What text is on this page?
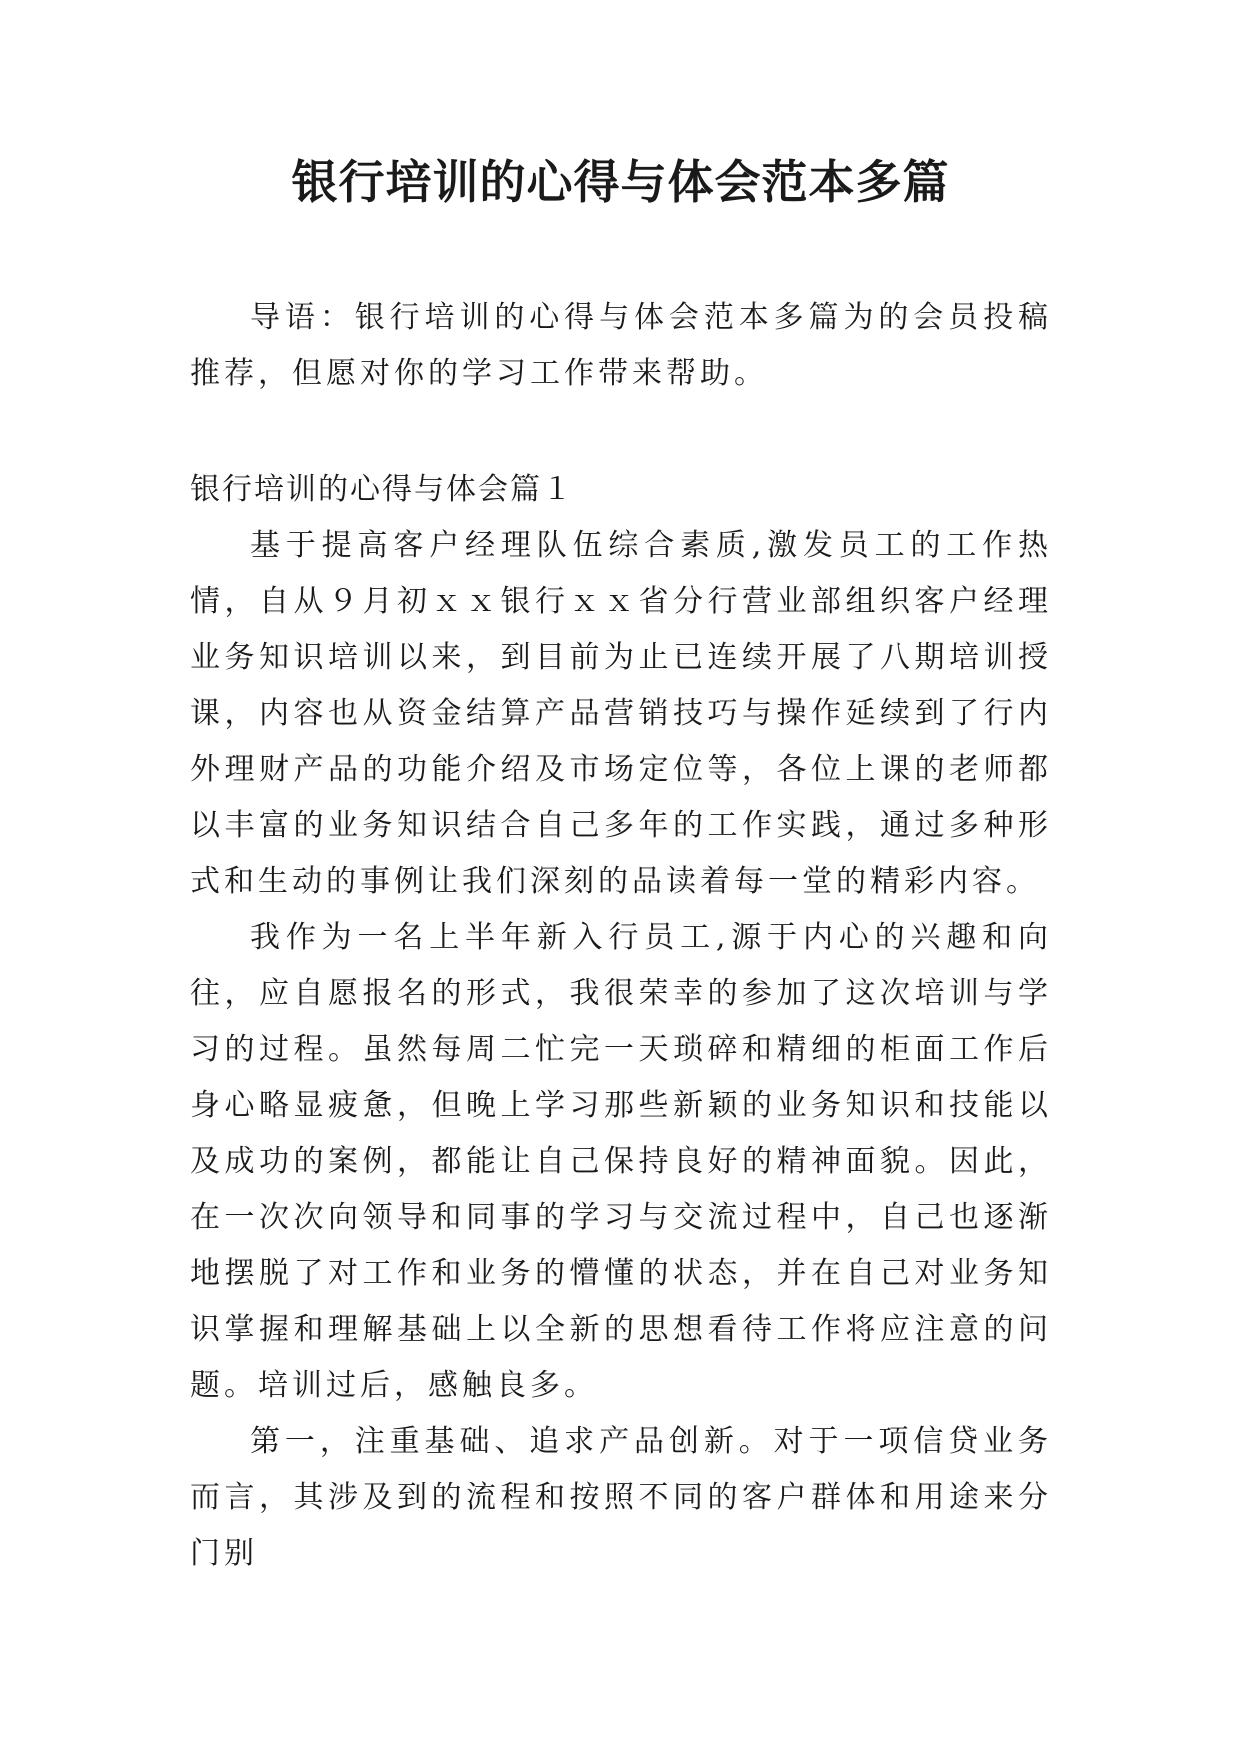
银行培训的心得与体会范本多篇

导语：银行培训的心得与体会范本多篇为的会员投稿推荐，但愿对你的学习工作带来帮助。

银行培训的心得与体会篇１

基于提高客户经理队伍综合素质,激发员工的工作热情，自从９月初ｘｘ银行ｘｘ省分行营业部组织客户经理业务知识培训以来，到目前为止已连续开展了八期培训授课，内容也从资金结算产品营销技巧与操作延续到了行内外理财产品的功能介绍及市场定位等，各位上课的老师都以丰富的业务知识结合自己多年的工作实践，通过多种形式和生动的事例让我们深刻的品读着每一堂的精彩内容。

我作为一名上半年新入行员工,源于内心的兴趣和向往，应自愿报名的形式，我很荣幸的参加了这次培训与学习的过程。虽然每周二忙完一天琐碎和精细的柜面工作后身心略显疲惫，但晚上学习那些新颖的业务知识和技能以及成功的案例，都能让自己保持良好的精神面貌。因此，在一次次向领导和同事的学习与交流过程中，自己也逐渐地摆脱了对工作和业务的懵懂的状态，并在自己对业务知识掌握和理解基础上以全新的思想看待工作将应注意的问题。培训过后，感触良多。

第一，注重基础、追求产品创新。对于一项信贷业务而言，其涉及到的流程和按照不同的客户群体和用途来分门别
